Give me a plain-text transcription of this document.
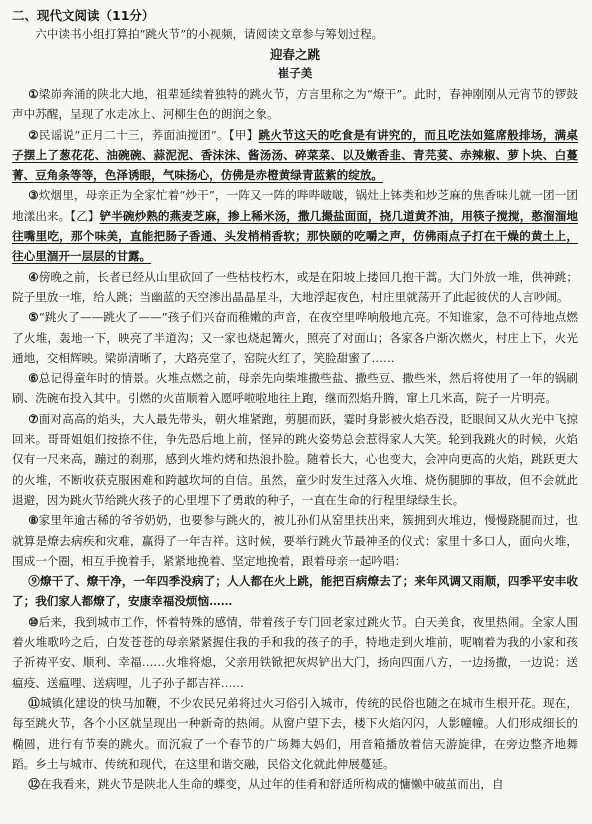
二、现代文阅读（11分）

六中读书小组打算拍“跳火节”的小视频，请阅读文章参与筹划过程。

迎春之跳

崔子美

①梁峁奔涌的陕北大地，祖辈延续着独特的跳火节，方言里称之为“燎干”。此时，春神刚刚从元宵节的锣鼓声中苏醒，呈现了水走冰上、河柳生色的朗润之象。

②民谣说“正月二十三，荞面油搅团”。【甲】跳火节这天的吃食是有讲究的，而且吃法如筵席般排场，满桌子摆上了葱花花、油碗碗、蒜泥泥、香沫沫、酱汤汤、碎菜菜、以及嫩香韭、青芫荽、赤辣椒、萝卜块、白蔓菁、豆角条等等，色泽诱眼，气味扬心，仿佛是赤橙黄绿青蓝紫的绽放。

③炊烟里，母亲正为全家忙着“炒干”，一阵又一阵的哔哔啵啵，锅灶上钵类和炒芝麻的焦香味儿就一团一团地漾出来。【乙】铲半碗炒熟的燕麦芝麻，掺上稀米汤，撒几撮盐面面，挠几道黄芥油，用筷子搅搅，憨溜溜地往嘴里吃，那个味美，直能把肠子香通、头发梢梢香软；那快颐的吃嚼之声，仿佛雨点子打在干燥的黄土上，往心里涸开一层层的甘露。

④傍晚之前，长者已经从山里砍回了一些枯枝朽木，或是在阳坡上搂回几抱干蒿。大门外放一堆，供神跳；院子里放一堆，给人跳；当幽蓝的天空渗出晶晶星斗，大地浮起夜色，村庄里就荡开了此起彼伏的人言吵闹。

⑤“跳火了——跳火了——”孩子们兴奋而稚嫩的声音，在夜空里哗响般地亢亮。不知谁家，急不可待地点燃了火堆，轰地一下，映亮了半道沟；又一家也烧起篝火，照亮了对面山；各家各户渐次燃火，村庄上下，火光通地，交相辉映。梁峁清晰了，大路亮堂了，窑院火红了，笑脸甜蜜了……

⑥总记得童年时的情景。火堆点燃之前，母亲先向柴堆撒些盐、撒些豆、撒些米，然后将使用了一年的锅刷刷、洗碗布投入其中。引燃的火苗顺着入愿呼啦啦地往上跑，继而烈焰升腾，窜上几米高，院子一片明亮。

⑦面对高高的焰头，大人最先带头，朝火堆紧跑，剪腿而跃，霎时身影被火焰吞没，眨眼间又从火光中飞掠回来。哥哥姐姐们按捺不住，争先恐后地上前，怪异的跳火姿势总会惹得家人大笑。轮到我跳火的时候，火焰仅有一尺来高，蹦过的刹那，感到火堆灼烤和热浪扑脸。随着长大，心也变大，会冲向更高的火焰，跳跃更大的火堆，不断收获克服困难和跨越坎坷的自信。虽然，童少时发生过落入火堆、烧伤腿脚的事故，但不会就此退避，因为跳火节给跳火孩子的心里埋下了勇敢的种子，一直在生命的行程里绿绿生长。

⑧家里年逾古稀的爷爷奶奶，也要参与跳火的，被儿孙们从窑里扶出来，簇拥到火堆边，慢慢跷腿而过，也就算是燎去病疾和灾难，赢得了一年吉祥。这时候，要举行跳火节最神圣的仪式：家里十多口人，面向火堆，围成一个圈，相互手挽着手，紧紧地挽着、坚定地挽着，跟着母亲一起吟唱：

⑨燎干了、燎干净，一年四季没病了；人人都在火上跳，能把百病燎去了；来年风调又雨顺，四季平安丰收了；我们家人都燎了，安康幸福没烦恼……

⑩后来，我到城市工作，怀着特殊的感情，带着孩子专门回老家过跳火节。白天美食，夜里热闹。全家人围着火堆歌吟之后，白发苍苍的母亲紧紧握住我的手和我的孩子的手，特地走到火堆前，呢喃着为我的小家和孩子祈祷平安、顺利、幸福……火堆将熄，父亲用铁锨把灰烬铲出大门，扬向四面八方，一边扬撒，一边说：送瘟疫、送瘟哩、送病哩，儿子孙子都吉祥……

⑪城镇化建设的快马加鞭，不少农民兄弟将过火习俗引入城市，传统的民俗也随之在城市生根开花。现在，每至跳火节，各个小区就呈现出一种新奇的热闹。从窗户望下去，楼下火焰闪闪，人影幢幢。人们形成细长的椭圆，进行有节奏的跳火。而沉寂了一个春节的广场舞大妈们，用音箱播放着信天游旋律，在旁边整齐地舞蹈。乡土与城市、传统和现代，在这里和谐交融，民俗文化就此伸展蔓延。

⑫在我看来，跳火节是陕北人生命的蝶变，从过年的佳肴和舒适所构成的慵懒中破茧而出，自
